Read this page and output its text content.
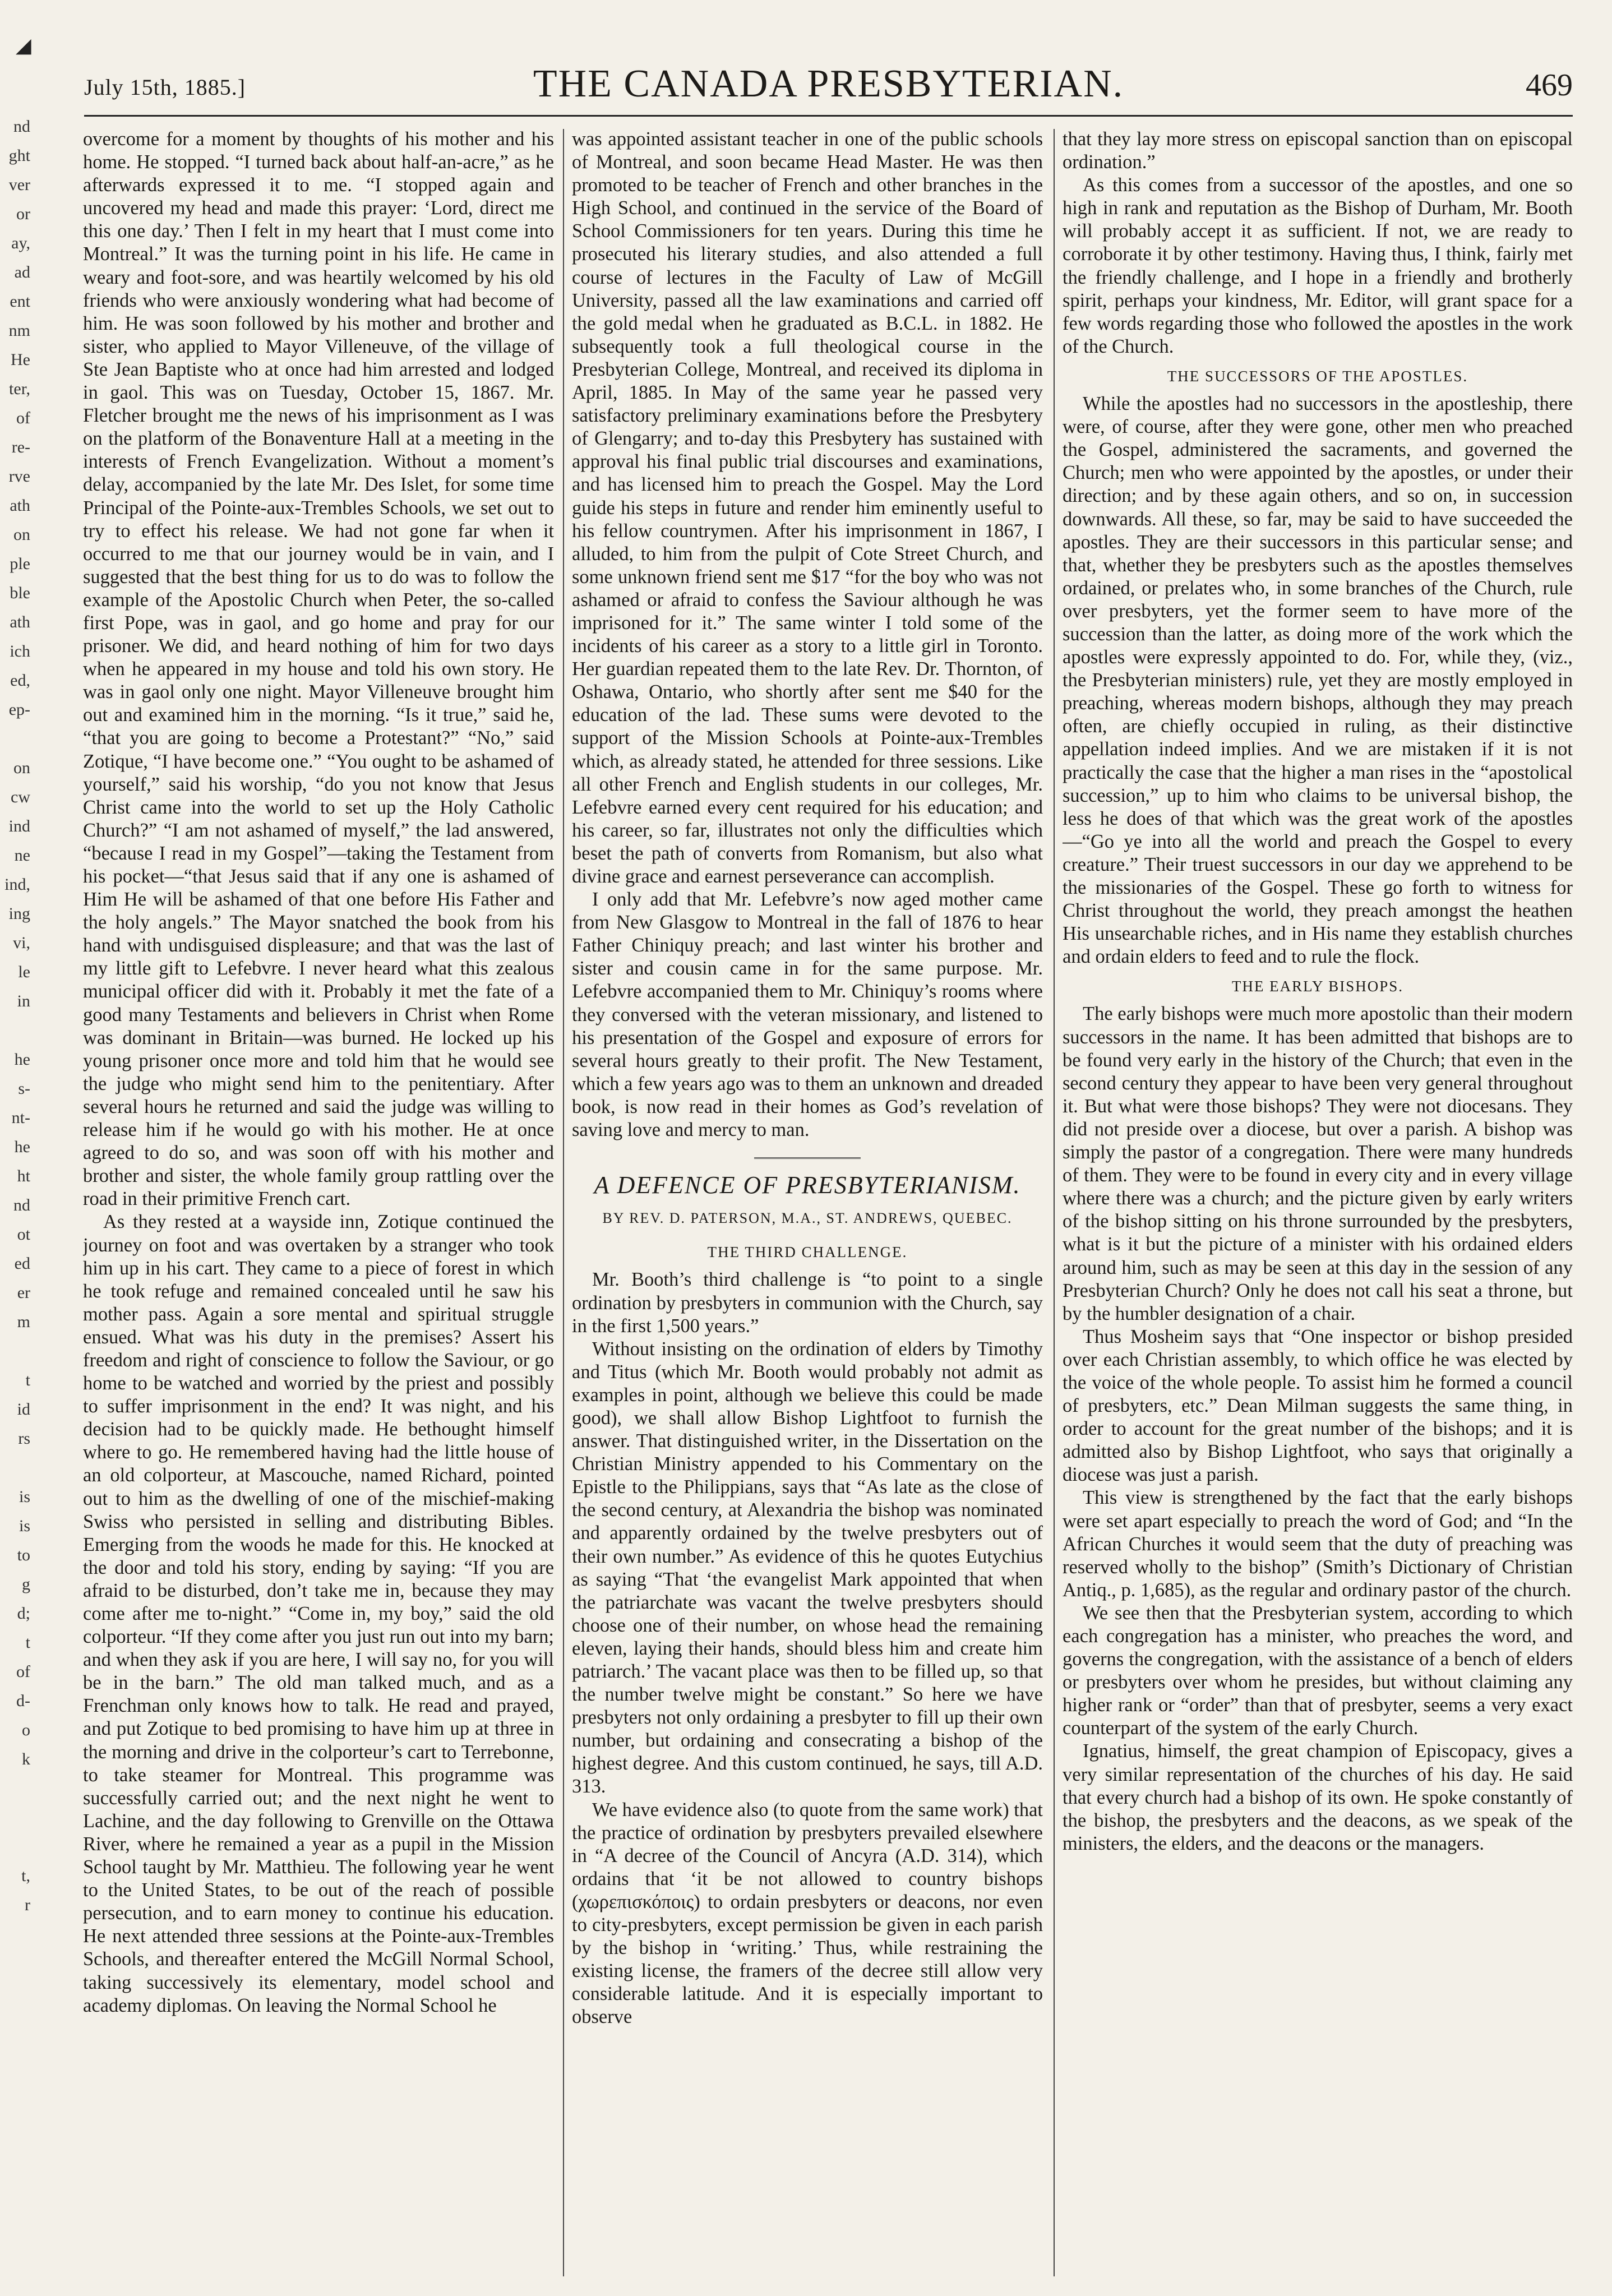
◢
nd
ght
ver
or
ay,
ad
ent
nm
He
ter,
of
re-
rve
ath
on
ple
ble
ath
ich
ed,
ep-

on
cw
ind
ne
ind,
ing
vi,
le
in

he
s-
nt-
he
ht
nd
ot
ed
er
m

t
id
rs

is
is
to
g
d;
t
of
d-
o
k

t,
r
July 15th, 1885.]	THE CANADA PRESBYTERIAN.	469

overcome for a moment by thoughts of his mother and his home. He stopped. “I turned back about half-an-acre,” as he afterwards expressed it to me. “I stopped again and uncovered my head and made this prayer: ‘Lord, direct me this one day.’ Then I felt in my heart that I must come into Montreal.” It was the turning point in his life. He came in weary and foot-sore, and was heartily welcomed by his old friends who were anxiously wondering what had become of him. He was soon followed by his mother and brother and sister, who applied to Mayor Villeneuve, of the village of Ste Jean Baptiste who at once had him arrested and lodged in gaol. This was on Tuesday, October 15, 1867. Mr. Fletcher brought me the news of his imprisonment as I was on the platform of the Bonaventure Hall at a meeting in the interests of French Evangelization. Without a moment’s delay, accompanied by the late Mr. Des Islet, for some time Principal of the Pointe-aux-Trembles Schools, we set out to try to effect his release. We had not gone far when it occurred to me that our journey would be in vain, and I suggested that the best thing for us to do was to follow the example of the Apostolic Church when Peter, the so-called first Pope, was in gaol, and go home and pray for our prisoner. We did, and heard nothing of him for two days when he appeared in my house and told his own story. He was in gaol only one night. Mayor Villeneuve brought him out and examined him in the morning. “Is it true,” said he, “that you are going to become a Protestant?” “No,” said Zotique, “I have become one.” “You ought to be ashamed of yourself,” said his worship, “do you not know that Jesus Christ came into the world to set up the Holy Catholic Church?” “I am not ashamed of myself,” the lad answered, “because I read in my Gospel”—taking the Testament from his pocket—“that Jesus said that if any one is ashamed of Him He will be ashamed of that one before His Father and the holy angels.” The Mayor snatched the book from his hand with undisguised displeasure; and that was the last of my little gift to Lefebvre. I never heard what this zealous municipal officer did with it. Probably it met the fate of a good many Testaments and believers in Christ when Rome was dominant in Britain—was burned. He locked up his young prisoner once more and told him that he would see the judge who might send him to the penitentiary. After several hours he returned and said the judge was willing to release him if he would go with his mother. He at once agreed to do so, and was soon off with his mother and brother and sister, the whole family group rattling over the road in their primitive French cart.

As they rested at a wayside inn, Zotique continued the journey on foot and was overtaken by a stranger who took him up in his cart. They came to a piece of forest in which he took refuge and remained concealed until he saw his mother pass. Again a sore mental and spiritual struggle ensued. What was his duty in the premises? Assert his freedom and right of conscience to follow the Saviour, or go home to be watched and worried by the priest and possibly to suffer imprisonment in the end? It was night, and his decision had to be quickly made. He bethought himself where to go. He remembered having had the little house of an old colporteur, at Mascouche, named Richard, pointed out to him as the dwelling of one of the mischief-making Swiss who persisted in selling and distributing Bibles. Emerging from the woods he made for this. He knocked at the door and told his story, ending by saying: “If you are afraid to be disturbed, don’t take me in, because they may come after me to-night.” “Come in, my boy,” said the old colporteur. “If they come after you just run out into my barn; and when they ask if you are here, I will say no, for you will be in the barn.” The old man talked much, and as a Frenchman only knows how to talk. He read and prayed, and put Zotique to bed promising to have him up at three in the morning and drive in the colporteur’s cart to Terrebonne, to take steamer for Montreal. This programme was successfully carried out; and the next night he went to Lachine, and the day following to Grenville on the Ottawa River, where he remained a year as a pupil in the Mission School taught by Mr. Matthieu. The following year he went to the United States, to be out of the reach of possible persecution, and to earn money to continue his education. He next attended three sessions at the Pointe-aux-Trembles Schools, and thereafter entered the McGill Normal School, taking successively its elementary, model school and academy diplomas. On leaving the Normal School he

was appointed assistant teacher in one of the public schools of Montreal, and soon became Head Master. He was then promoted to be teacher of French and other branches in the High School, and continued in the service of the Board of School Commissioners for ten years. During this time he prosecuted his literary studies, and also attended a full course of lectures in the Faculty of Law of McGill University, passed all the law examinations and carried off the gold medal when he graduated as B.C.L. in 1882. He subsequently took a full theological course in the Presbyterian College, Montreal, and received its diploma in April, 1885. In May of the same year he passed very satisfactory preliminary examinations before the Presbytery of Glengarry; and to-day this Presbytery has sustained with approval his final public trial discourses and examinations, and has licensed him to preach the Gospel. May the Lord guide his steps in future and render him eminently useful to his fellow countrymen. After his imprisonment in 1867, I alluded, to him from the pulpit of Cote Street Church, and some unknown friend sent me $17 “for the boy who was not ashamed or afraid to confess the Saviour although he was imprisoned for it.” The same winter I told some of the incidents of his career as a story to a little girl in Toronto. Her guardian repeated them to the late Rev. Dr. Thornton, of Oshawa, Ontario, who shortly after sent me $40 for the education of the lad. These sums were devoted to the support of the Mission Schools at Pointe-aux-Trembles which, as already stated, he attended for three sessions. Like all other French and English students in our colleges, Mr. Lefebvre earned every cent required for his education; and his career, so far, illustrates not only the difficulties which beset the path of converts from Romanism, but also what divine grace and earnest perseverance can accomplish.

I only add that Mr. Lefebvre’s now aged mother came from New Glasgow to Montreal in the fall of 1876 to hear Father Chiniquy preach; and last winter his brother and sister and cousin came in for the same purpose. Mr. Lefebvre accompanied them to Mr. Chiniquy’s rooms where they conversed with the veteran missionary, and listened to his presentation of the Gospel and exposure of errors for several hours greatly to their profit. The New Testament, which a few years ago was to them an unknown and dreaded book, is now read in their homes as God’s revelation of saving love and mercy to man.

A DEFENCE OF PRESBYTERIANISM.
BY REV. D. PATERSON, M.A., ST. ANDREWS, QUEBEC.
THE THIRD CHALLENGE.

Mr. Booth’s third challenge is “to point to a single ordination by presbyters in communion with the Church, say in the first 1,500 years.”

Without insisting on the ordination of elders by Timothy and Titus (which Mr. Booth would probably not admit as examples in point, although we believe this could be made good), we shall allow Bishop Lightfoot to furnish the answer. That distinguished writer, in the Dissertation on the Christian Ministry appended to his Commentary on the Epistle to the Philippians, says that “As late as the close of the second century, at Alexandria the bishop was nominated and apparently ordained by the twelve presbyters out of their own number.” As evidence of this he quotes Eutychius as saying “That ‘the evangelist Mark appointed that when the patriarchate was vacant the twelve presbyters should choose one of their number, on whose head the remaining eleven, laying their hands, should bless him and create him patriarch.’ The vacant place was then to be filled up, so that the number twelve might be constant.” So here we have presbyters not only ordaining a presbyter to fill up their own number, but ordaining and consecrating a bishop of the highest degree. And this custom continued, he says, till A.D. 313.

We have evidence also (to quote from the same work) that the practice of ordination by presbyters prevailed elsewhere in “A decree of the Council of Ancyra (A.D. 314), which ordains that ‘it be not allowed to country bishops (χωρεπισκόποις) to ordain presbyters or deacons, nor even to city-presbyters, except permission be given in each parish by the bishop in ‘writing.’ Thus, while restraining the existing license, the framers of the decree still allow very considerable latitude. And it is especially important to observe

that they lay more stress on episcopal sanction than on episcopal ordination.”

As this comes from a successor of the apostles, and one so high in rank and reputation as the Bishop of Durham, Mr. Booth will probably accept it as sufficient. If not, we are ready to corroborate it by other testimony. Having thus, I think, fairly met the friendly challenge, and I hope in a friendly and brotherly spirit, perhaps your kindness, Mr. Editor, will grant space for a few words regarding those who followed the apostles in the work of the Church.

THE SUCCESSORS OF THE APOSTLES.

While the apostles had no successors in the apostleship, there were, of course, after they were gone, other men who preached the Gospel, administered the sacraments, and governed the Church; men who were appointed by the apostles, or under their direction; and by these again others, and so on, in succession downwards. All these, so far, may be said to have succeeded the apostles. They are their successors in this particular sense; and that, whether they be presbyters such as the apostles themselves ordained, or prelates who, in some branches of the Church, rule over presbyters, yet the former seem to have more of the succession than the latter, as doing more of the work which the apostles were expressly appointed to do. For, while they, (viz., the Presbyterian ministers) rule, yet they are mostly employed in preaching, whereas modern bishops, although they may preach often, are chiefly occupied in ruling, as their distinctive appellation indeed implies. And we are mistaken if it is not practically the case that the higher a man rises in the “apostolical succession,” up to him who claims to be universal bishop, the less he does of that which was the great work of the apostles—“Go ye into all the world and preach the Gospel to every creature.” Their truest successors in our day we apprehend to be the missionaries of the Gospel. These go forth to witness for Christ throughout the world, they preach amongst the heathen His unsearchable riches, and in His name they establish churches and ordain elders to feed and to rule the flock.

THE EARLY BISHOPS.

The early bishops were much more apostolic than their modern successors in the name. It has been admitted that bishops are to be found very early in the history of the Church; that even in the second century they appear to have been very general throughout it. But what were those bishops? They were not diocesans. They did not preside over a diocese, but over a parish. A bishop was simply the pastor of a congregation. There were many hundreds of them. They were to be found in every city and in every village where there was a church; and the picture given by early writers of the bishop sitting on his throne surrounded by the presbyters, what is it but the picture of a minister with his ordained elders around him, such as may be seen at this day in the session of any Presbyterian Church? Only he does not call his seat a throne, but by the humbler designation of a chair.

Thus Mosheim says that “One inspector or bishop presided over each Christian assembly, to which office he was elected by the voice of the whole people. To assist him he formed a council of presbyters, etc.” Dean Milman suggests the same thing, in order to account for the great number of the bishops; and it is admitted also by Bishop Lightfoot, who says that originally a diocese was just a parish.

This view is strengthened by the fact that the early bishops were set apart especially to preach the word of God; and “In the African Churches it would seem that the duty of preaching was reserved wholly to the bishop” (Smith’s Dictionary of Christian Antiq., p. 1,685), as the regular and ordinary pastor of the church.

We see then that the Presbyterian system, according to which each congregation has a minister, who preaches the word, and governs the congregation, with the assistance of a bench of elders or presbyters over whom he presides, but without claiming any higher rank or “order” than that of presbyter, seems a very exact counterpart of the system of the early Church.

Ignatius, himself, the great champion of Episcopacy, gives a very similar representation of the churches of his day. He said that every church had a bishop of its own. He spoke constantly of the bishop, the presbyters and the deacons, as we speak of the ministers, the elders, and the deacons or the managers.
